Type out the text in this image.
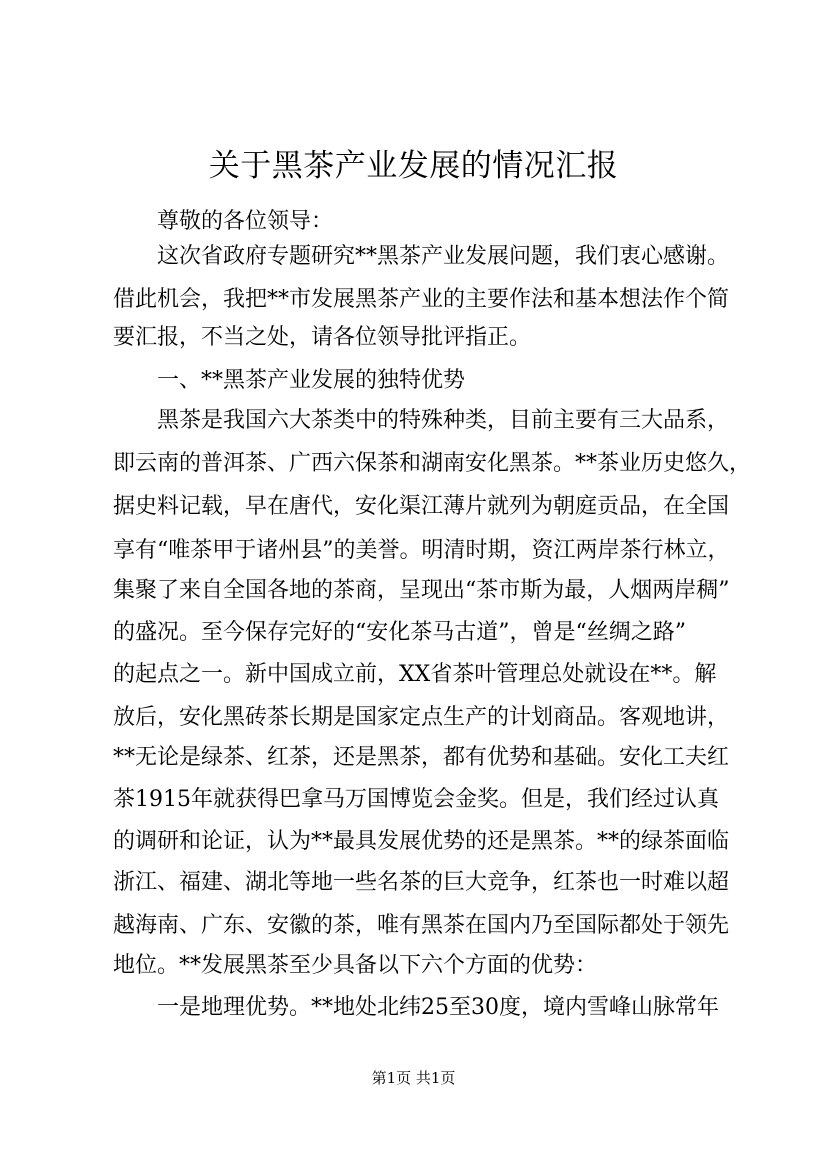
关于黑茶产业发展的情况汇报

尊敬的各位领导：

这次省政府专题研究**黑茶产业发展问题，我们衷心感谢。

借此机会，我把**市发展黑茶产业的主要作法和基本想法作个简

要汇报，不当之处，请各位领导批评指正。

一、**黑茶产业发展的独特优势

黑茶是我国六大茶类中的特殊种类，目前主要有三大品系，

即云南的普洱茶、广西六保茶和湖南安化黑茶。**茶业历史悠久，

据史料记载，早在唐代，安化渠江薄片就列为朝庭贡品，在全国

享有“唯茶甲于诸州县”的美誉。明清时期，资江两岸茶行林立，

集聚了来自全国各地的茶商，呈现出“茶市斯为最，人烟两岸稠”

的盛况。至今保存完好的“安化茶马古道”，曾是“丝绸之路”

的起点之一。新中国成立前，XX省茶叶管理总处就设在**。解

放后，安化黑砖茶长期是国家定点生产的计划商品。客观地讲，

**无论是绿茶、红茶，还是黑茶，都有优势和基础。安化工夫红

茶1915年就获得巴拿马万国博览会金奖。但是，我们经过认真

的调研和论证，认为**最具发展优势的还是黑茶。**的绿茶面临

浙江、福建、湖北等地一些名茶的巨大竞争，红茶也一时难以超

越海南、广东、安徽的茶，唯有黑茶在国内乃至国际都处于领先

地位。**发展黑茶至少具备以下六个方面的优势：

一是地理优势。**地处北纬25至30度，境内雪峰山脉常年

第1页 共1页
